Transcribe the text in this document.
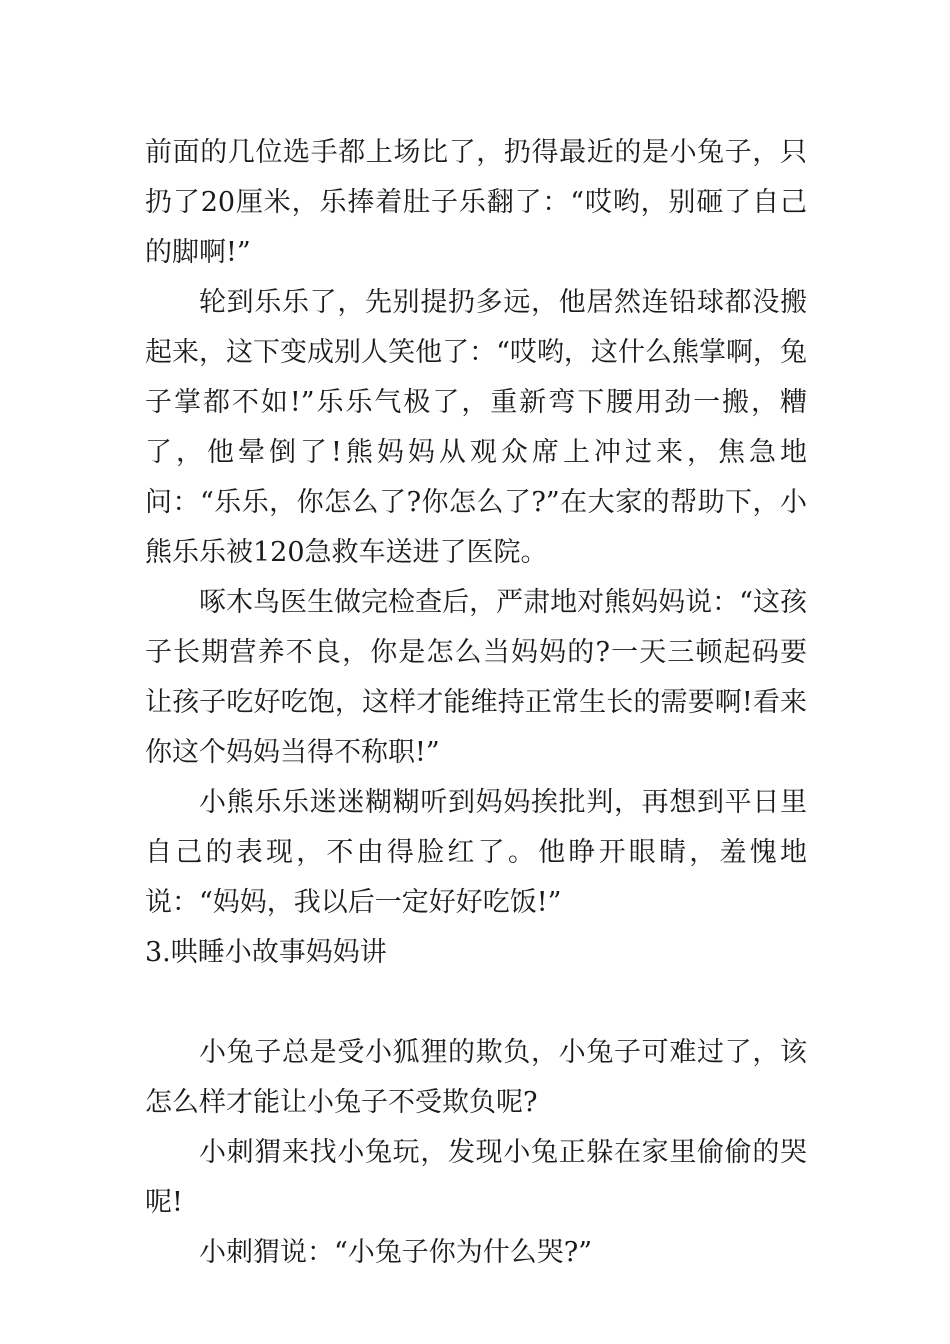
前面的几位选手都上场比了，扔得最近的是小兔子，只扔了20厘米，乐捧着肚子乐翻了：“哎哟，别砸了自己的脚啊!”

轮到乐乐了，先别提扔多远，他居然连铅球都没搬起来，这下变成别人笑他了：“哎哟，这什么熊掌啊，兔子掌都不如!”乐乐气极了，重新弯下腰用劲一搬，糟了，他晕倒了!熊妈妈从观众席上冲过来，焦急地问：“乐乐，你怎么了?你怎么了?”在大家的帮助下，小熊乐乐被120急救车送进了医院。

啄木鸟医生做完检查后，严肃地对熊妈妈说：“这孩子长期营养不良，你是怎么当妈妈的?一天三顿起码要让孩子吃好吃饱，这样才能维持正常生长的需要啊!看来你这个妈妈当得不称职!”

小熊乐乐迷迷糊糊听到妈妈挨批判，再想到平日里自己的表现，不由得脸红了。他睁开眼睛，羞愧地说：“妈妈，我以后一定好好吃饭!”

3.哄睡小故事妈妈讲

小兔子总是受小狐狸的欺负，小兔子可难过了，该怎么样才能让小兔子不受欺负呢?

小刺猬来找小兔玩，发现小兔正躲在家里偷偷的哭呢!

小刺猬说：“小兔子你为什么哭?”
